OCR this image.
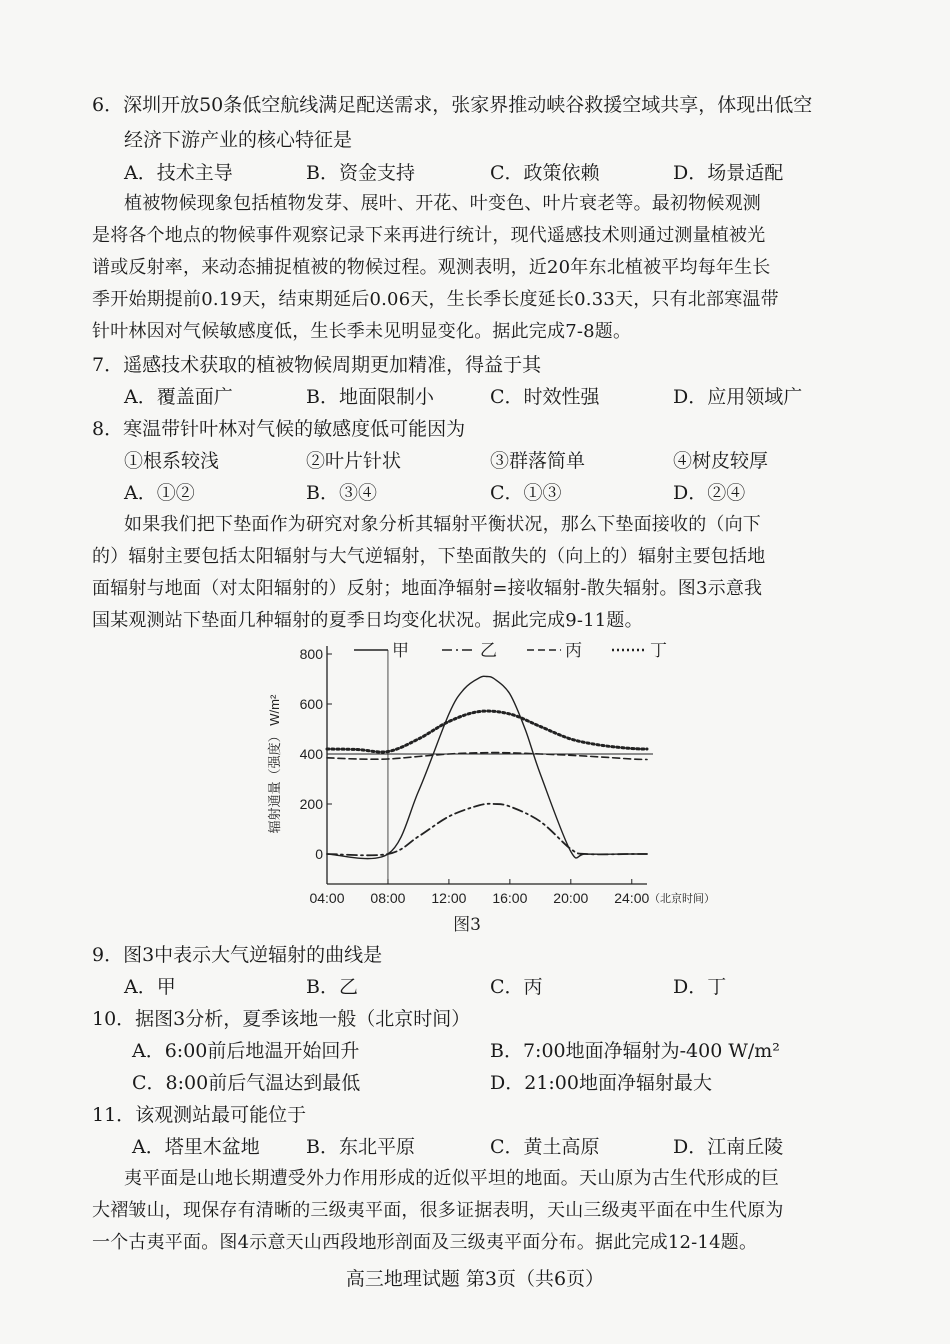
6．深圳开放50条低空航线满足配送需求，张家界推动峡谷救援空域共享，体现出低空
经济下游产业的核心特征是
A．技术主导	B．资金支持	C．政策依赖	D．场景适配
植被物候现象包括植物发芽、展叶、开花、叶变色、叶片衰老等。最初物候观测
是将各个地点的物候事件观察记录下来再进行统计，现代遥感技术则通过测量植被光
谱或反射率，来动态捕捉植被的物候过程。观测表明，近20年东北植被平均每年生长
季开始期提前0.19天，结束期延后0.06天，生长季长度延长0.33天，只有北部寒温带
针叶林因对气候敏感度低，生长季未见明显变化。据此完成7-8题。
7．遥感技术获取的植被物候周期更加精准，得益于其
A．覆盖面广	B．地面限制小	C．时效性强	D．应用领域广
8．寒温带针叶林对气候的敏感度低可能因为
①根系较浅	②叶片针状	③群落简单	④树皮较厚
A．①②	B．③④	C．①③	D．②④
如果我们把下垫面作为研究对象分析其辐射平衡状况，那么下垫面接收的（向下
的）辐射主要包括太阳辐射与大气逆辐射，下垫面散失的（向上的）辐射主要包括地
面辐射与地面（对太阳辐射的）反射；地面净辐射=接收辐射-散失辐射。图3示意我
国某观测站下垫面几种辐射的夏季日均变化状况。据此完成9-11题。
0
200
400
600
800
04:00 08:00 12:00 16:00 20:00 24:00 （北京时间）
辐射通量（强度） W/m²
甲	乙	丙	丁
图3
9．图3中表示大气逆辐射的曲线是
A．甲	B．乙	C．丙	D．丁
10．据图3分析，夏季该地一般（北京时间）
A．6:00前后地温开始回升	B．7:00地面净辐射为-400 W/m²
C．8:00前后气温达到最低	D．21:00地面净辐射最大
11．该观测站最可能位于
A．塔里木盆地 B．东北平原	C．黄土高原	D．江南丘陵
夷平面是山地长期遭受外力作用形成的近似平坦的地面。天山原为古生代形成的巨
大褶皱山，现保存有清晰的三级夷平面，很多证据表明，天山三级夷平面在中生代原为
一个古夷平面。图4示意天山西段地形剖面及三级夷平面分布。据此完成12-14题。
高三地理试题 第3页（共6页）
